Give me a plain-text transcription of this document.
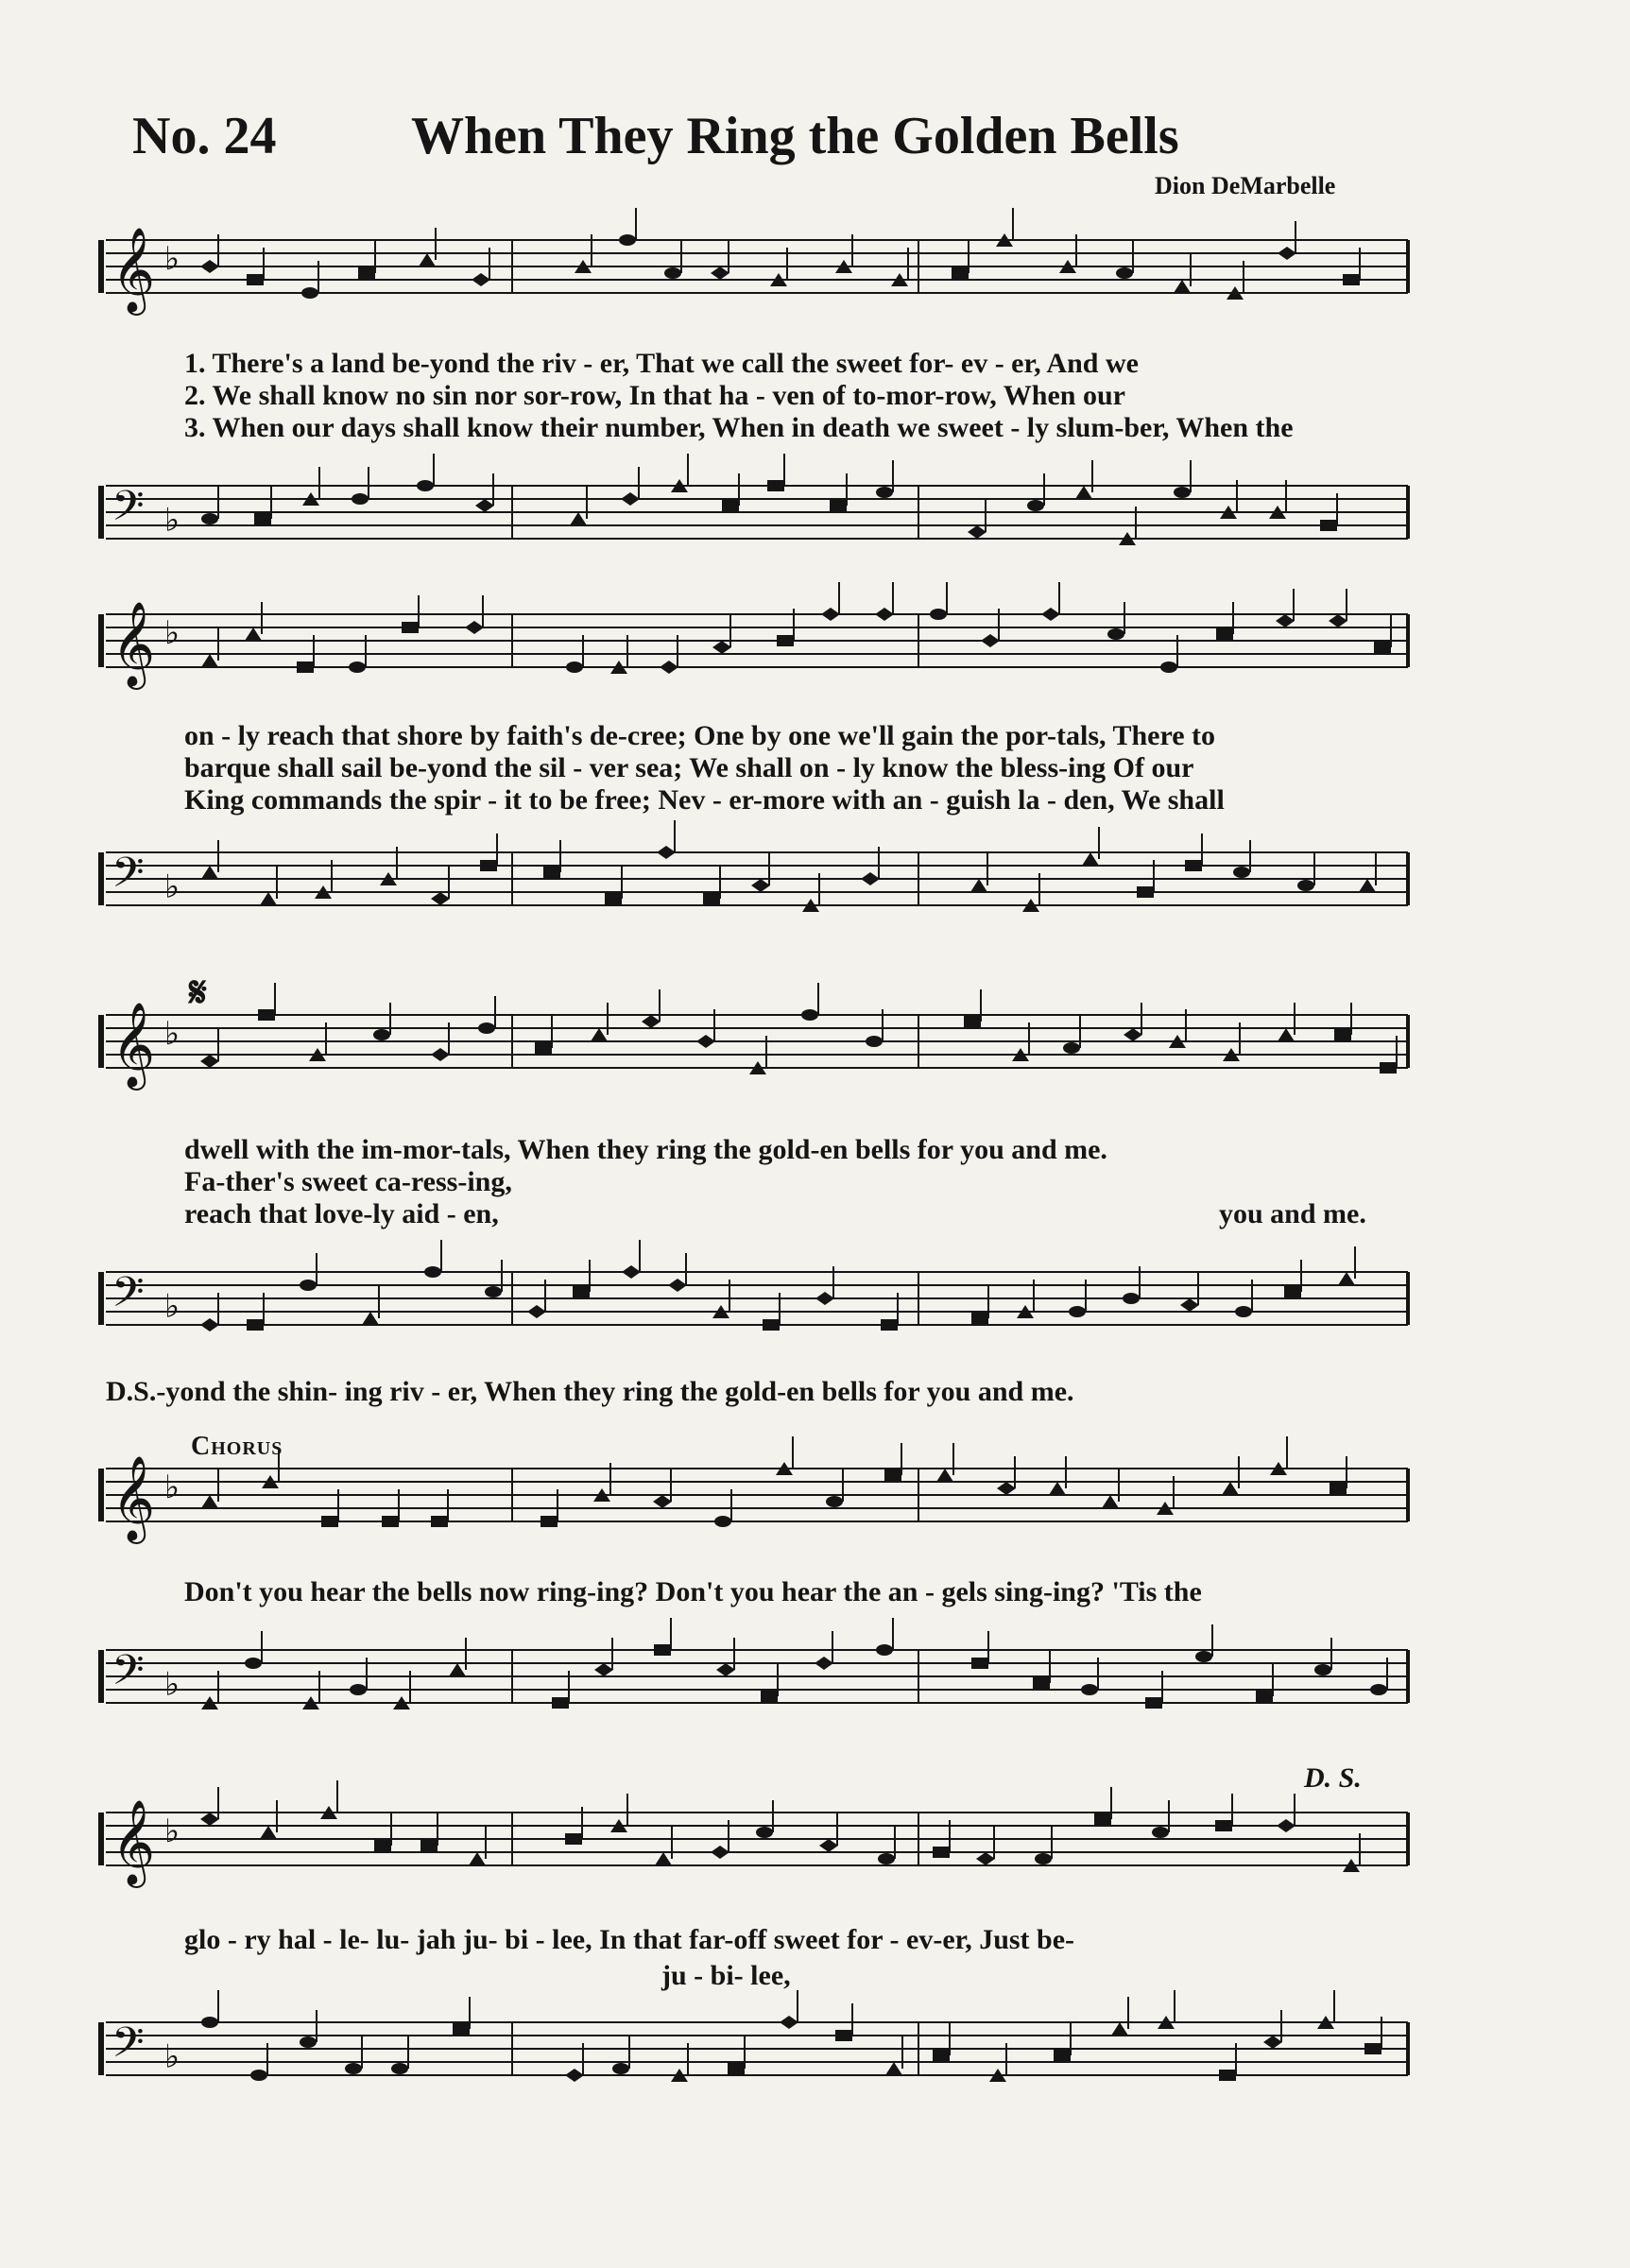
No. 24	When They Ring the Golden Bells
Dion DeMarbelle
𝄞 ♭
1. There's a land be-yond the riv - er, That we call the sweet for- ev - er, And we
2. We shall know no sin nor sor-row, In that ha - ven of to-mor-row, When our
3. When our days shall know their number, When in death we sweet - ly slum-ber, When the
𝄢 ♭
𝄞 ♭
on - ly reach that shore by faith's de-cree; One by one we'll gain the por-tals, There to
barque shall sail be-yond the sil - ver sea; We shall on - ly know the bless-ing Of our
King commands the spir - it to be free; Nev - er-more with an - guish la - den, We shall
𝄢 ♭
𝄋
𝄞 ♭
dwell with the im-mor-tals, When they ring the gold-en bells for you and me.
Fa-ther's sweet ca-ress-ing,
reach that love-ly aid - en,	you and me.
𝄢 ♭
D.S.-yond the shin- ing riv - er, When they ring the gold-en bells for you and me.
Chorus
𝄞 ♭
Don't you hear the bells now ring-ing? Don't you hear the an - gels sing-ing? 'Tis the
𝄢 ♭
D. S.
𝄞 ♭
glo - ry hal - le- lu- jah ju- bi - lee, In that far-off sweet for - ev-er, Just be-
ju - bi- lee,
𝄢 ♭
